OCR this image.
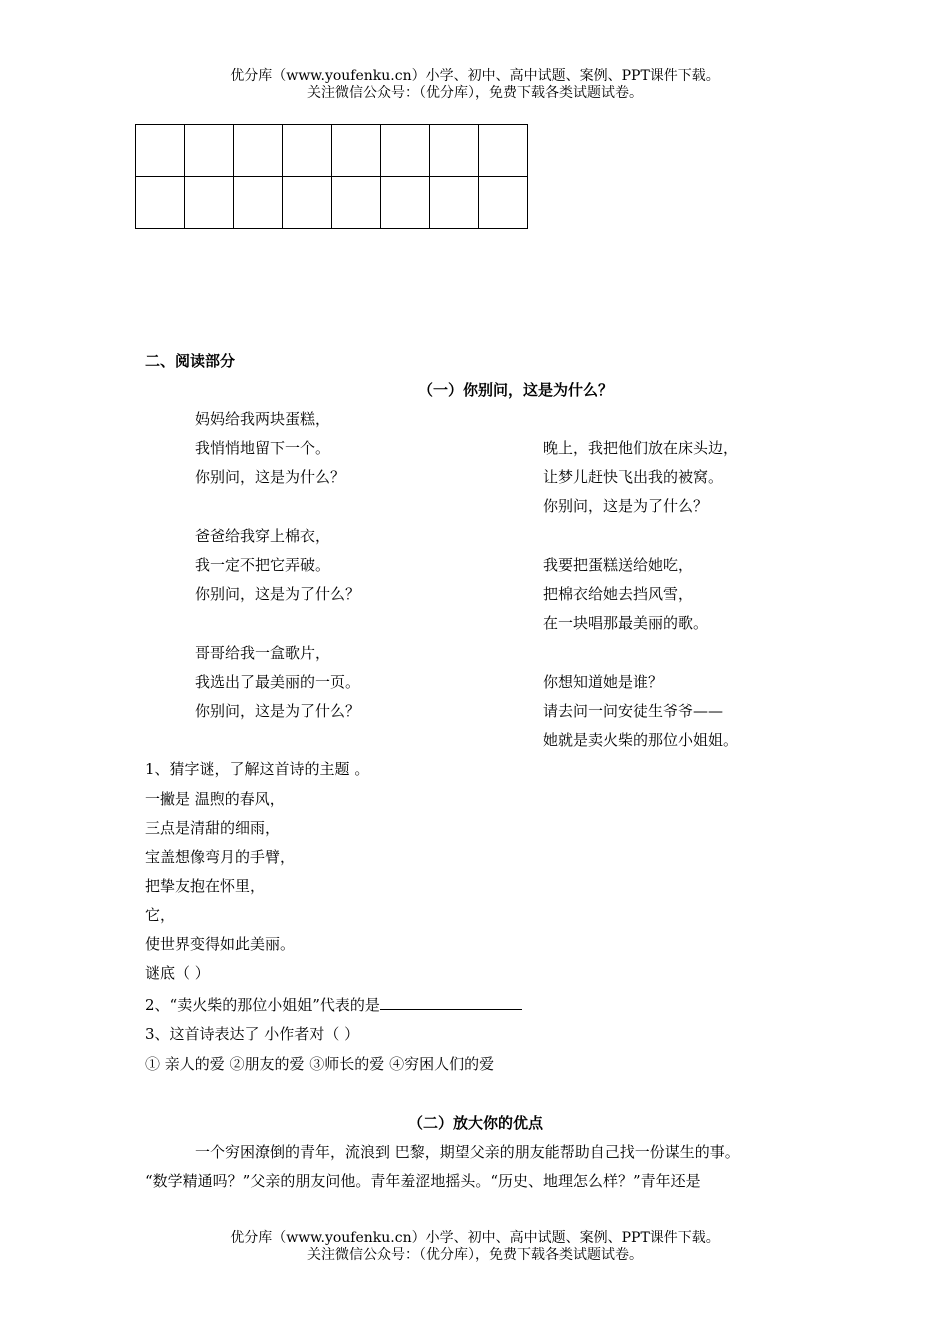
优分库（www.youfenku.cn）小学、初中、高中试题、案例、PPT课件下载。
关注微信公众号：（优分库），免费下载各类试题试卷。

二、阅读部分
（一）你别问，这是为什么？
妈妈给我两块蛋糕，
我悄悄地留下一个。
你别问，这是为什么？
爸爸给我穿上棉衣，
我一定不把它弄破。
你别问，这是为了什么？
哥哥给我一盒歌片，
我选出了最美丽的一页。
你别问，这是为了什么？
晚上，我把他们放在床头边，
让梦儿赶快飞出我的被窝。
你别问，这是为了什么？
我要把蛋糕送给她吃，
把棉衣给她去挡风雪，
在一块唱那最美丽的歌。
你想知道她是谁？
请去问一问安徒生爷爷——
她就是卖火柴的那位小姐姐。
1、猜字谜，了解这首诗的主题 。
一撇是 温煦的春风，
三点是清甜的细雨，
宝盖想像弯月的手臂，
把挚友抱在怀里，
它，
使世界变得如此美丽。
谜底（ ）
2、“卖火柴的那位小姐姐”代表的是
3、这首诗表达了 小作者对（ ）
① 亲人的爱 ②朋友的爱 ③师长的爱 ④穷困人们的爱
（二）放大你的优点
一个穷困潦倒的青年，流浪到 巴黎，期望父亲的朋友能帮助自己找一份谋生的事。
“数学精通吗？”父亲的朋友问他。青年羞涩地摇头。“历史、地理怎么样？”青年还是
优分库（www.youfenku.cn）小学、初中、高中试题、案例、PPT课件下载。
关注微信公众号：（优分库），免费下载各类试题试卷。
